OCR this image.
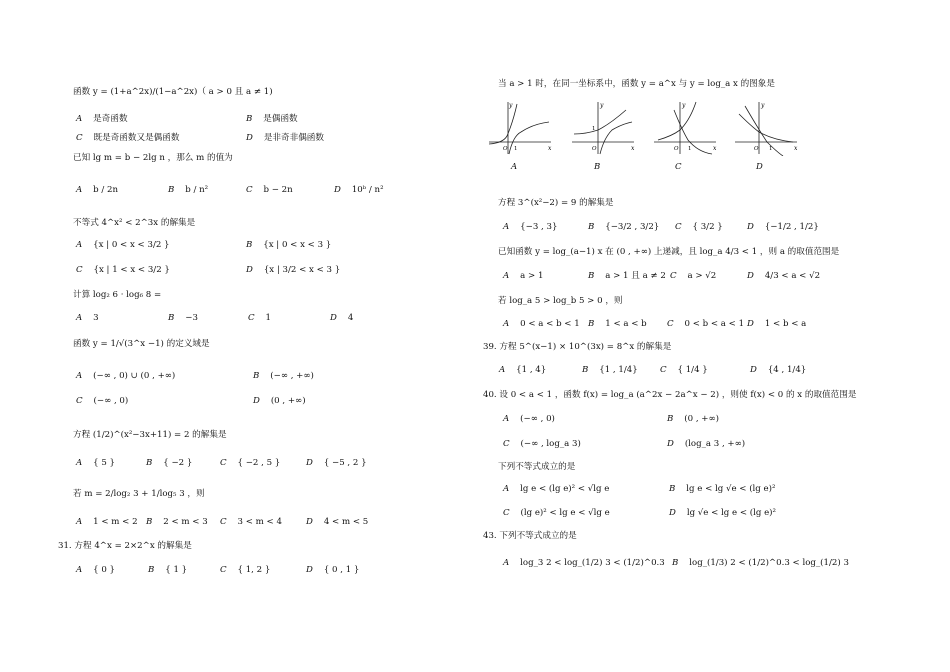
函数 y = (1+a^2x)/(1−a^2x)（ a > 0 且 a ≠ 1)
A 是奇函数	B 是偶函数
C 既是奇函数又是偶函数	D 是非奇非偶函数
已知 lg m = b − 2lg n ，那么 m 的值为
A b / 2n	B b / n²	C b − 2n	D 10ᵇ / n²
不等式 4^x² < 2^3x 的解集是
A {x | 0 < x < 3/2 }	B {x | 0 < x < 3 }
C {x | 1 < x < 3/2 }	D {x | 3/2 < x < 3 }
计算 log₂ 6 · log₆ 8 =
A 3	B −3	C 1	D 4
函数 y = 1/√(3^x −1) 的定义域是
A (−∞ , 0) ∪ (0 , +∞)	B (−∞ , +∞)
C (−∞ , 0)	D (0 , +∞)
方程 (1/2)^(x²−3x+11) = 2 的解集是
A { 5 }	B { −2 }	C { −2 , 5 }	D { −5 , 2 }
若 m = 2/log₂ 3 + 1/log₅ 3 ，则
A 1 < m < 2 B 2 < m < 3 C 3 < m < 4	D 4 < m < 5
31. 方程 4^x = 2×2^x 的解集是
A { 0 }	B { 1 }	C { 1, 2 }	D { 0 , 1 }
当 a > 1 时，在同一坐标系中，函数 y = a^x 与 y = log_a x 的图象是
y
x
O 1
y
x
O
1
y
x
O 1
y
x
O 1
A	B	C	D
方程 3^(x²−2) = 9 的解集是
A {−3 , 3}	B {−3/2 , 3/2} C { 3/2 }	D {−1/2 , 1/2}
已知函数 y = log_(a−1) x 在 (0 , +∞) 上递减，且 log_a 4/3 < 1 ，则 a 的取值范围是
A a > 1	B a > 1 且 a ≠ 2 C a > √2	D 4/3 < a < √2
若 log_a 5 > log_b 5 > 0 ，则
A 0 < a < b < 1 B 1 < a < b C 0 < b < a < 1 D 1 < b < a
39. 方程 5^(x−1) × 10^(3x) = 8^x 的解集是
A {1 , 4}	B {1 , 1/4}	C { 1/4 }	D {4 , 1/4}
40. 设 0 < a < 1 ，函数 f(x) = log_a (a^2x − 2a^x − 2) ，则使 f(x) < 0 的 x 的取值范围是
A (−∞ , 0)	B (0 , +∞)
C (−∞ , log_a 3)	D (log_a 3 , +∞)
下列不等式成立的是
A lg e < (lg e)² < √lg e	B lg e < lg √e < (lg e)²
C (lg e)² < lg e < √lg e	D lg √e < lg e < (lg e)²
43. 下列不等式成立的是
A log_3 2 < log_(1/2) 3 < (1/2)^0.3 B log_(1/3) 2 < (1/2)^0.3 < log_(1/2) 3
